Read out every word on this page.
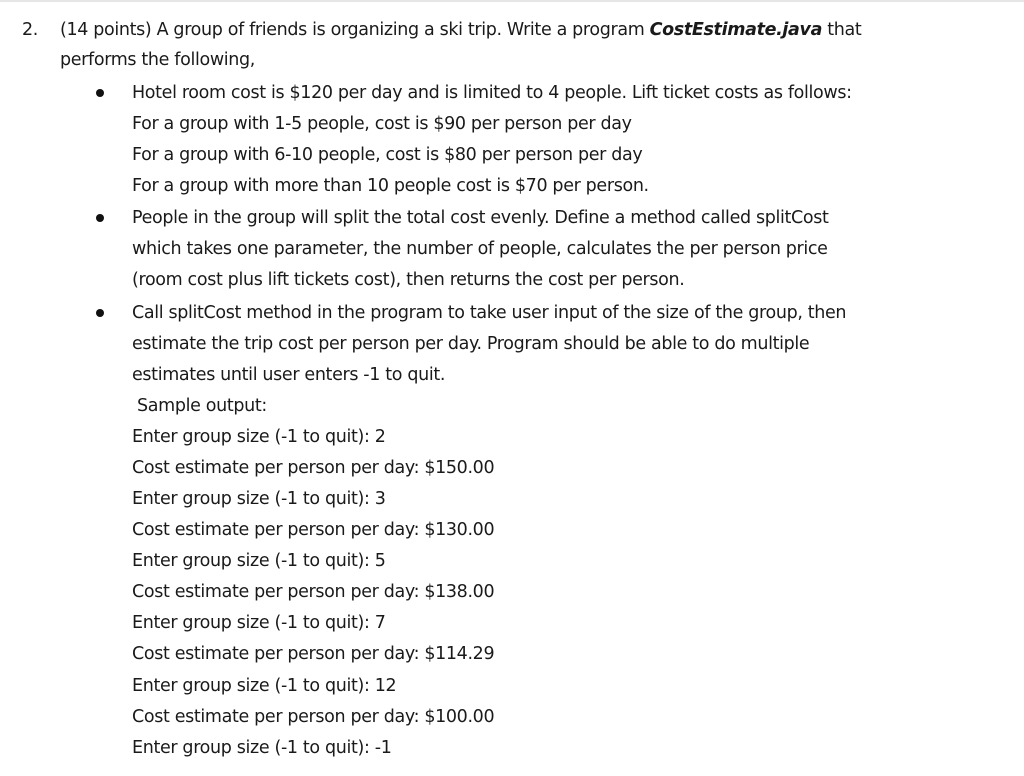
2. (14 points) A group of friends is organizing a ski trip. Write a program CostEstimate.java that
performs the following,
Hotel room cost is $120 per day and is limited to 4 people. Lift ticket costs as follows:
For a group with 1-5 people, cost is $90 per person per day
For a group with 6-10 people, cost is $80 per person per day
For a group with more than 10 people cost is $70 per person.
People in the group will split the total cost evenly. Define a method called splitCost
which takes one parameter, the number of people, calculates the per person price
(room cost plus lift tickets cost), then returns the cost per person.
Call splitCost method in the program to take user input of the size of the group, then
estimate the trip cost per person per day. Program should be able to do multiple
estimates until user enters -1 to quit.
Sample output:
Enter group size (-1 to quit): 2
Cost estimate per person per day: $150.00
Enter group size (-1 to quit): 3
Cost estimate per person per day: $130.00
Enter group size (-1 to quit): 5
Cost estimate per person per day: $138.00
Enter group size (-1 to quit): 7
Cost estimate per person per day: $114.29
Enter group size (-1 to quit): 12
Cost estimate per person per day: $100.00
Enter group size (-1 to quit): -1
